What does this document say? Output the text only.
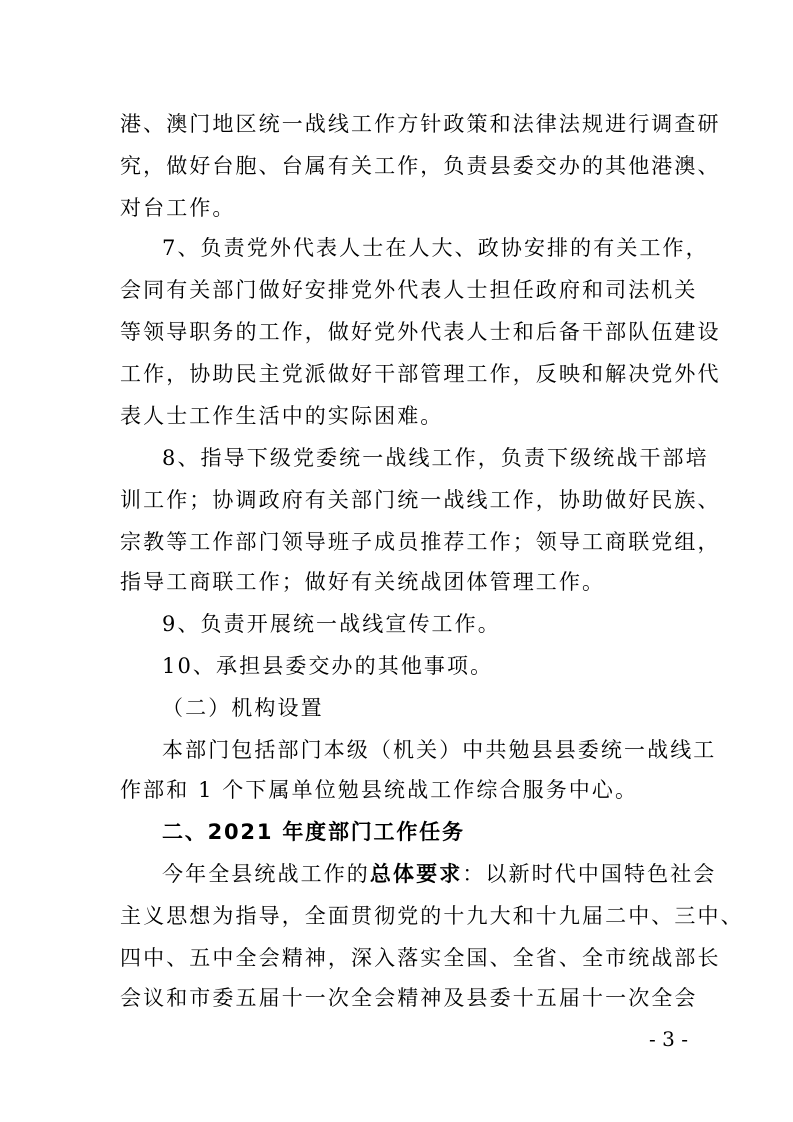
港、澳门地区统一战线工作方针政策和法律法规进行调查研
究，做好台胞、台属有关工作，负责县委交办的其他港澳、
对台工作。
7、负责党外代表人士在人大、政协安排的有关工作，
会同有关部门做好安排党外代表人士担任政府和司法机关
等领导职务的工作，做好党外代表人士和后备干部队伍建设
工作，协助民主党派做好干部管理工作，反映和解决党外代
表人士工作生活中的实际困难。
8、指导下级党委统一战线工作，负责下级统战干部培
训工作；协调政府有关部门统一战线工作，协助做好民族、
宗教等工作部门领导班子成员推荐工作；领导工商联党组，
指导工商联工作；做好有关统战团体管理工作。
9、负责开展统一战线宣传工作。
10、承担县委交办的其他事项。
（二）机构设置
本部门包括部门本级（机关）中共勉县县委统一战线工
作部和 1 个下属单位勉县统战工作综合服务中心。
二、2021 年度部门工作任务
今年全县统战工作的总体要求：以新时代中国特色社会
主义思想为指导，全面贯彻党的十九大和十九届二中、三中、
四中、五中全会精神，深入落实全国、全省、全市统战部长
会议和市委五届十一次全会精神及县委十五届十一次全会
- 3 -
